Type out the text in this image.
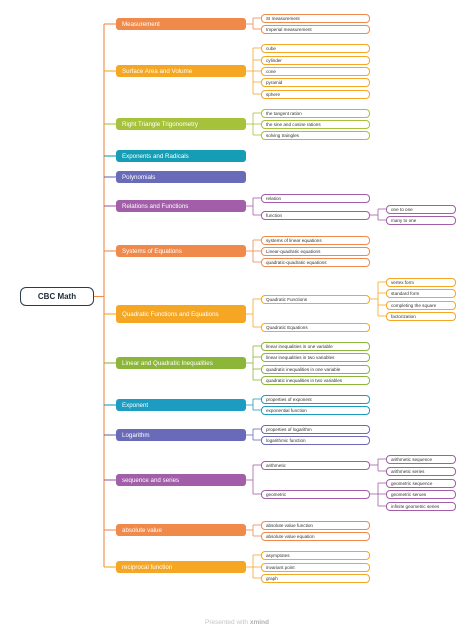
CBC Math
Measurement
SI measurement
Imperial measurement
Surface Area and Volume
cube
cylinder
cone
pyramid
sphere
Right Triangle Trigonometry
the tangent ration
the sine and cosine rations
solving traingles
Exponents and Radicals
Polynomials
Relations and Functions
relation
function
one to one
many to one
Systems of Equations
systems of linear equations
Linear-quadratic equations
quadratic-quadratic equations
Quadratic Functions and Equations
Quadratic Functions
vertex form
standard form
completing the square
factorization
Quadratic Equations
Linear and Quadratic Inequalities
linear inequalities in one variable
linear inequalities in two variables
quadratic inequalities in one variable
quadratic inequalities in two variables
Exponent
properties of exponent
exponential function
Logarithm
properties of logarithm
logarithmic function
sequence and series
arithmetic
arithmetic sequence
arithmetic series
geometric
geometric sequence
geometric serues
infinite geometric series
absolute value
absolute value function
absolute value equation
reciprocal function
asymptotes
invariant point
graph
Presented with xmind
